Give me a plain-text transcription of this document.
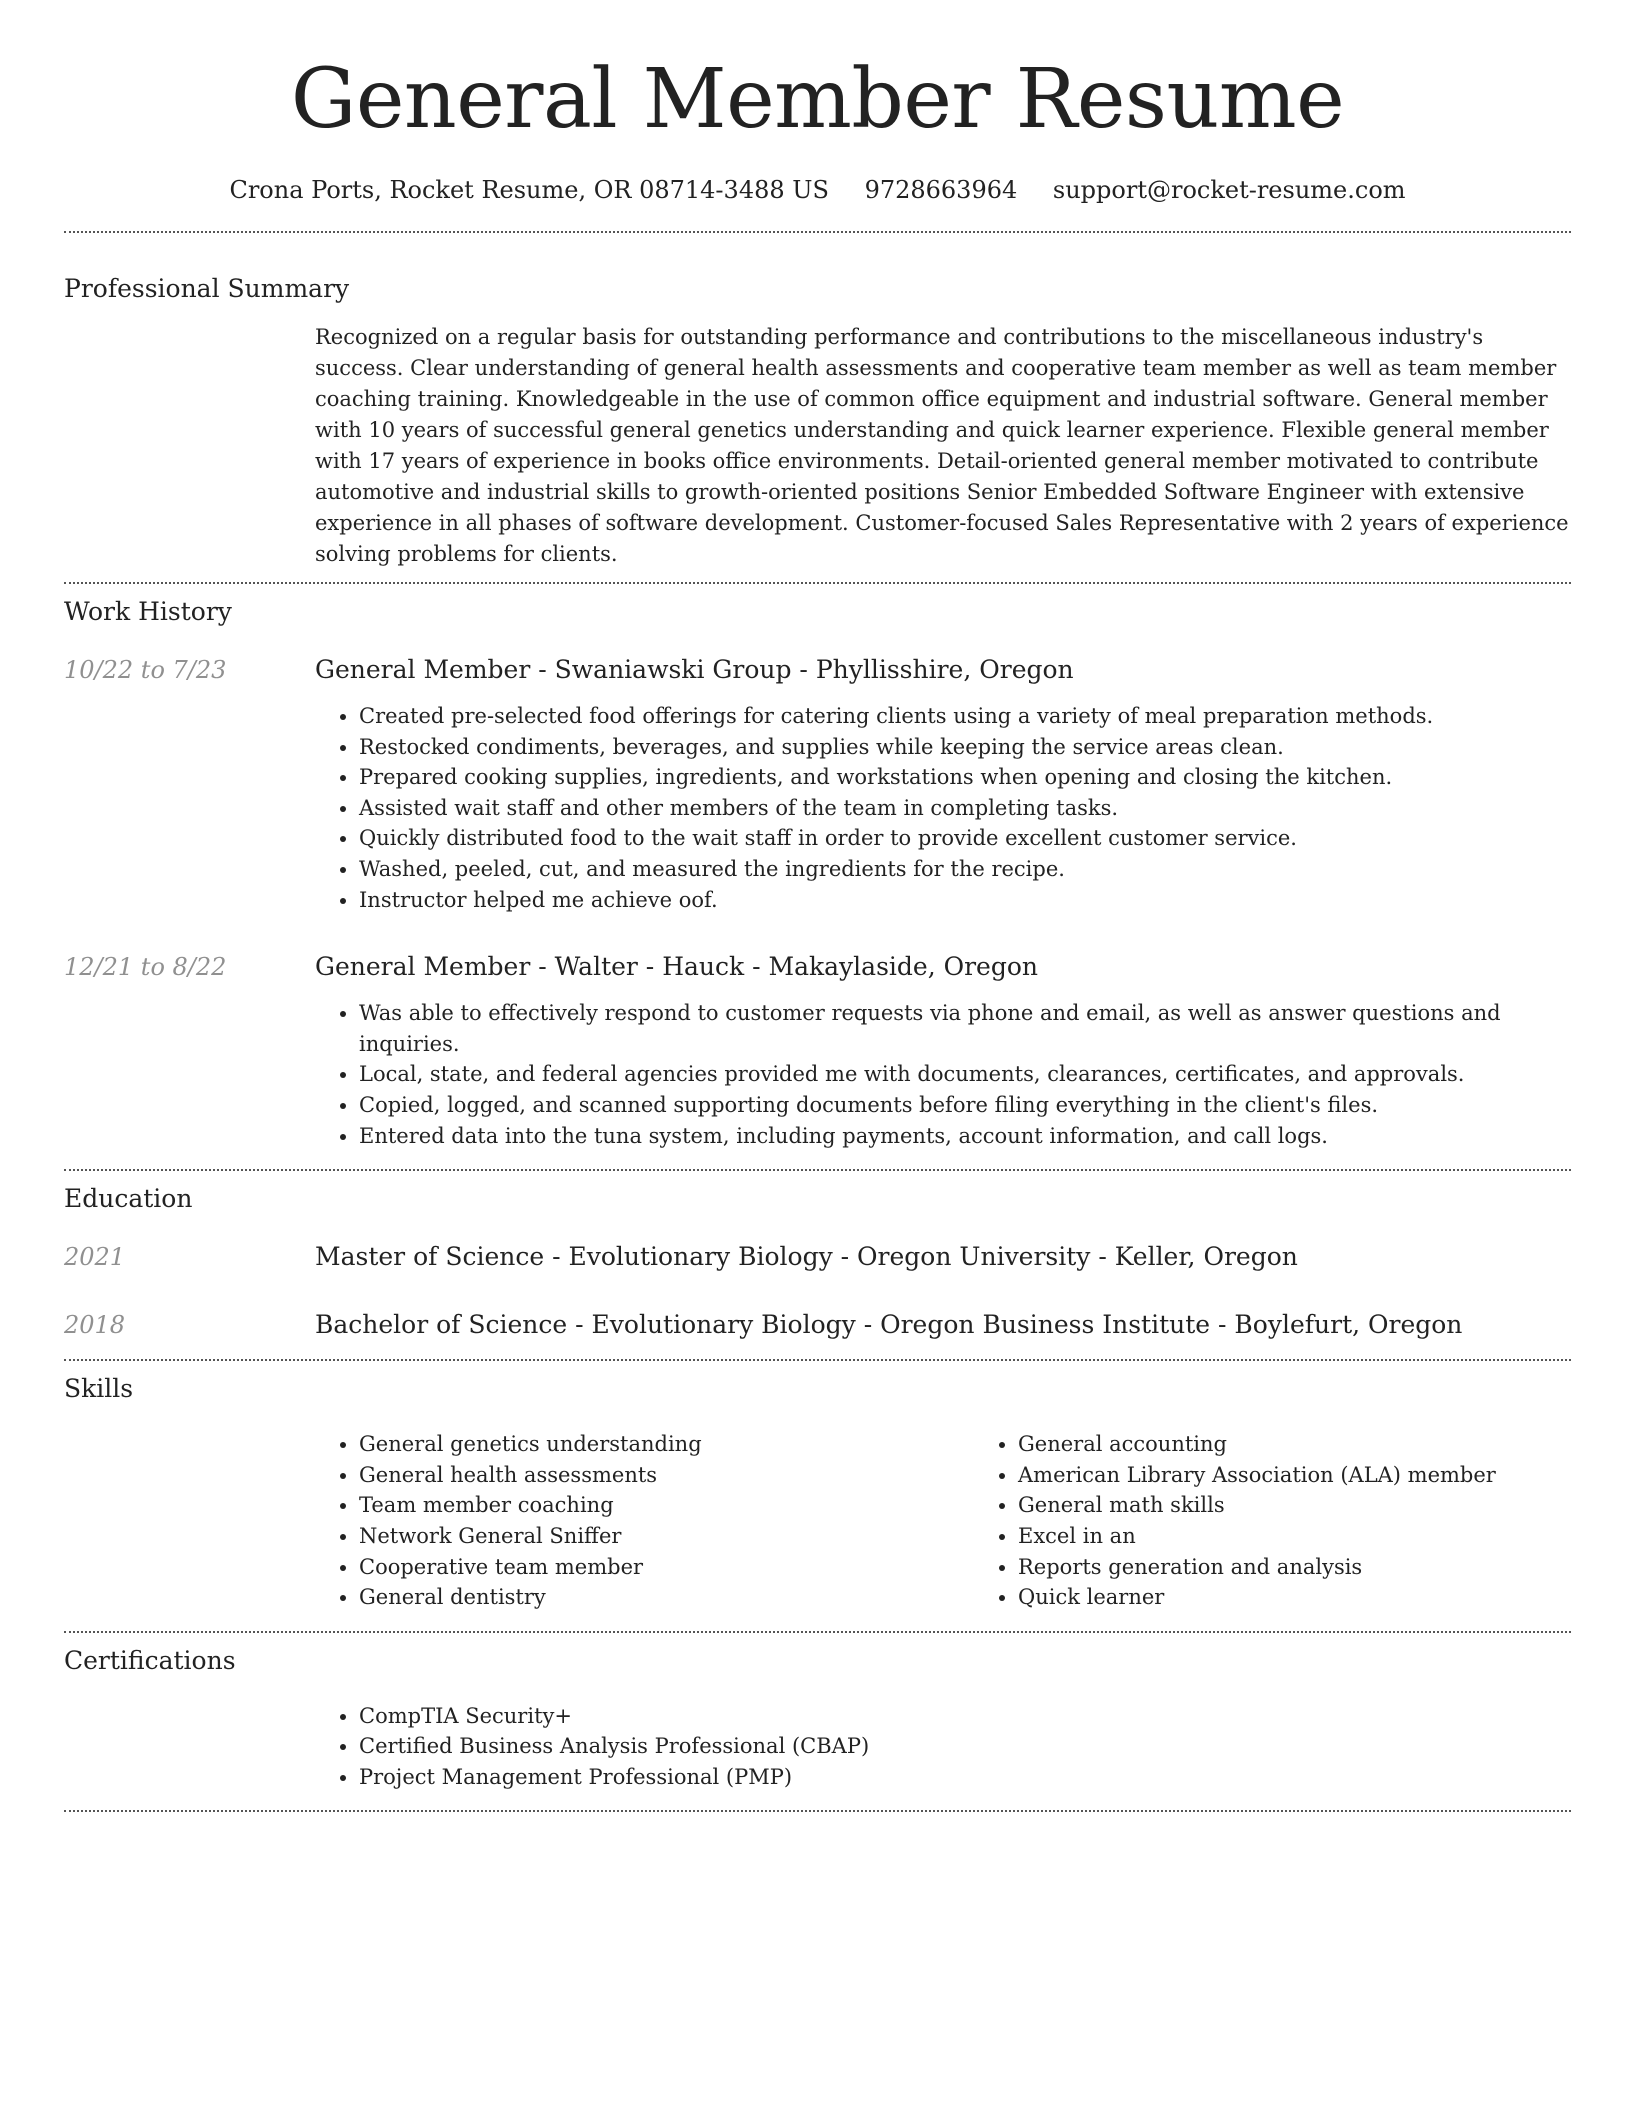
General Member Resume
Crona Ports, Rocket Resume, OR 08714-3488 US 9728663964 support@rocket-resume.com
Professional Summary
Recognized on a regular basis for outstanding performance and contributions to the miscellaneous industry's success. Clear understanding of general health assessments and cooperative team member as well as team member coaching training. Knowledgeable in the use of common office equipment and industrial software. General member with 10 years of successful general genetics understanding and quick learner experience. Flexible general member with 17 years of experience in books office environments. Detail-oriented general member motivated to contribute automotive and industrial skills to growth-oriented positions Senior Embedded Software Engineer with extensive experience in all phases of software development. Customer-focused Sales Representative with 2 years of experience solving problems for clients.
Work History
10/22 to 7/23	General Member - Swaniawski Group - Phyllisshire, Oregon
• Created pre-selected food offerings for catering clients using a variety of meal preparation methods.
• Restocked condiments, beverages, and supplies while keeping the service areas clean.
• Prepared cooking supplies, ingredients, and workstations when opening and closing the kitchen.
• Assisted wait staff and other members of the team in completing tasks.
• Quickly distributed food to the wait staff in order to provide excellent customer service.
• Washed, peeled, cut, and measured the ingredients for the recipe.
• Instructor helped me achieve oof.
12/21 to 8/22	General Member - Walter - Hauck - Makaylaside, Oregon
• Was able to effectively respond to customer requests via phone and email, as well as answer questions and inquiries.
• Local, state, and federal agencies provided me with documents, clearances, certificates, and approvals.
• Copied, logged, and scanned supporting documents before filing everything in the client's files.
• Entered data into the tuna system, including payments, account information, and call logs.
Education
2021	Master of Science - Evolutionary Biology - Oregon University - Keller, Oregon
2018	Bachelor of Science - Evolutionary Biology - Oregon Business Institute - Boylefurt, Oregon
Skills
• General genetics understanding
• General health assessments
• Team member coaching
• Network General Sniffer
• Cooperative team member
• General dentistry
• General accounting
• American Library Association (ALA) member
• General math skills
• Excel in an
• Reports generation and analysis
• Quick learner
Certifications
• CompTIA Security+
• Certified Business Analysis Professional (CBAP)
• Project Management Professional (PMP)
